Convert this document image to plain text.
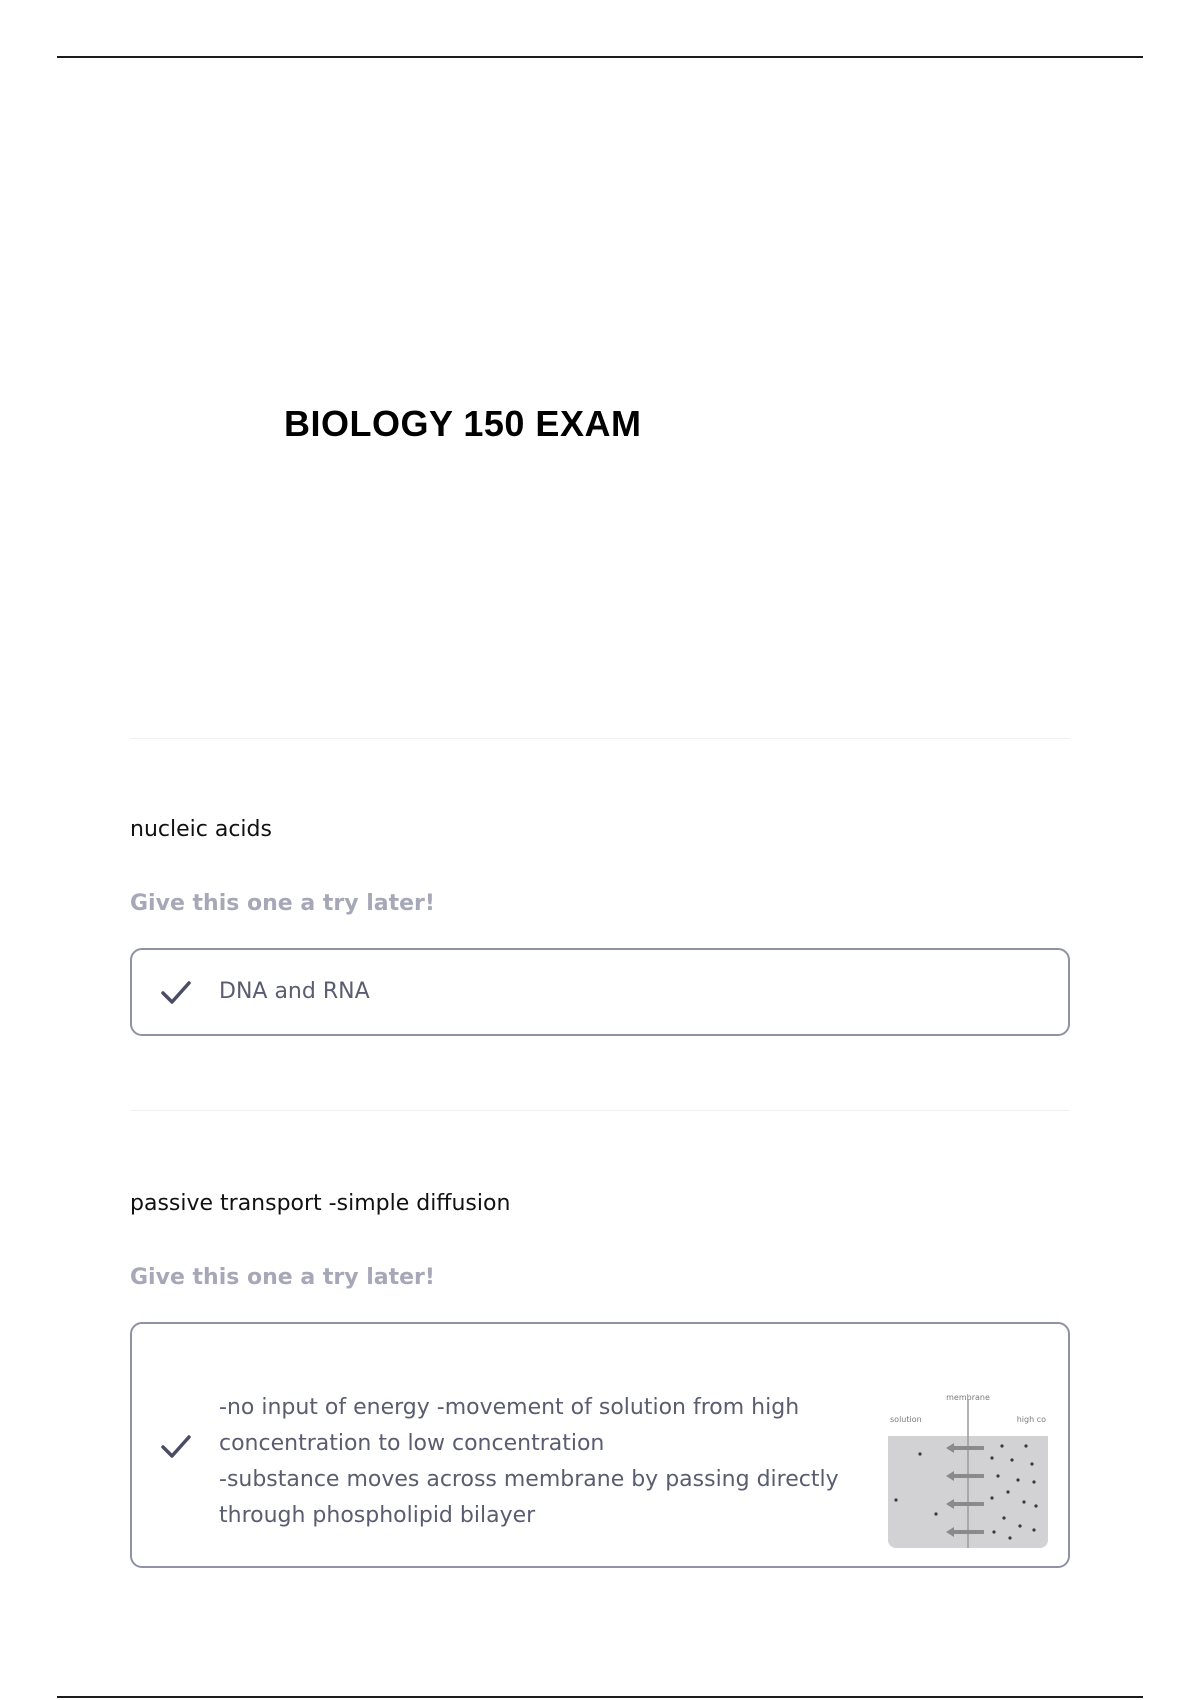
BIOLOGY 150 EXAM

nucleic acids

Give this one a try later!

DNA and RNA

passive transport -simple diffusion

Give this one a try later!

-no input of energy -movement of solution from high
concentration to low concentration
-substance moves across membrane by passing directly
through phospholipid bilayer
membrane
solution	high co
